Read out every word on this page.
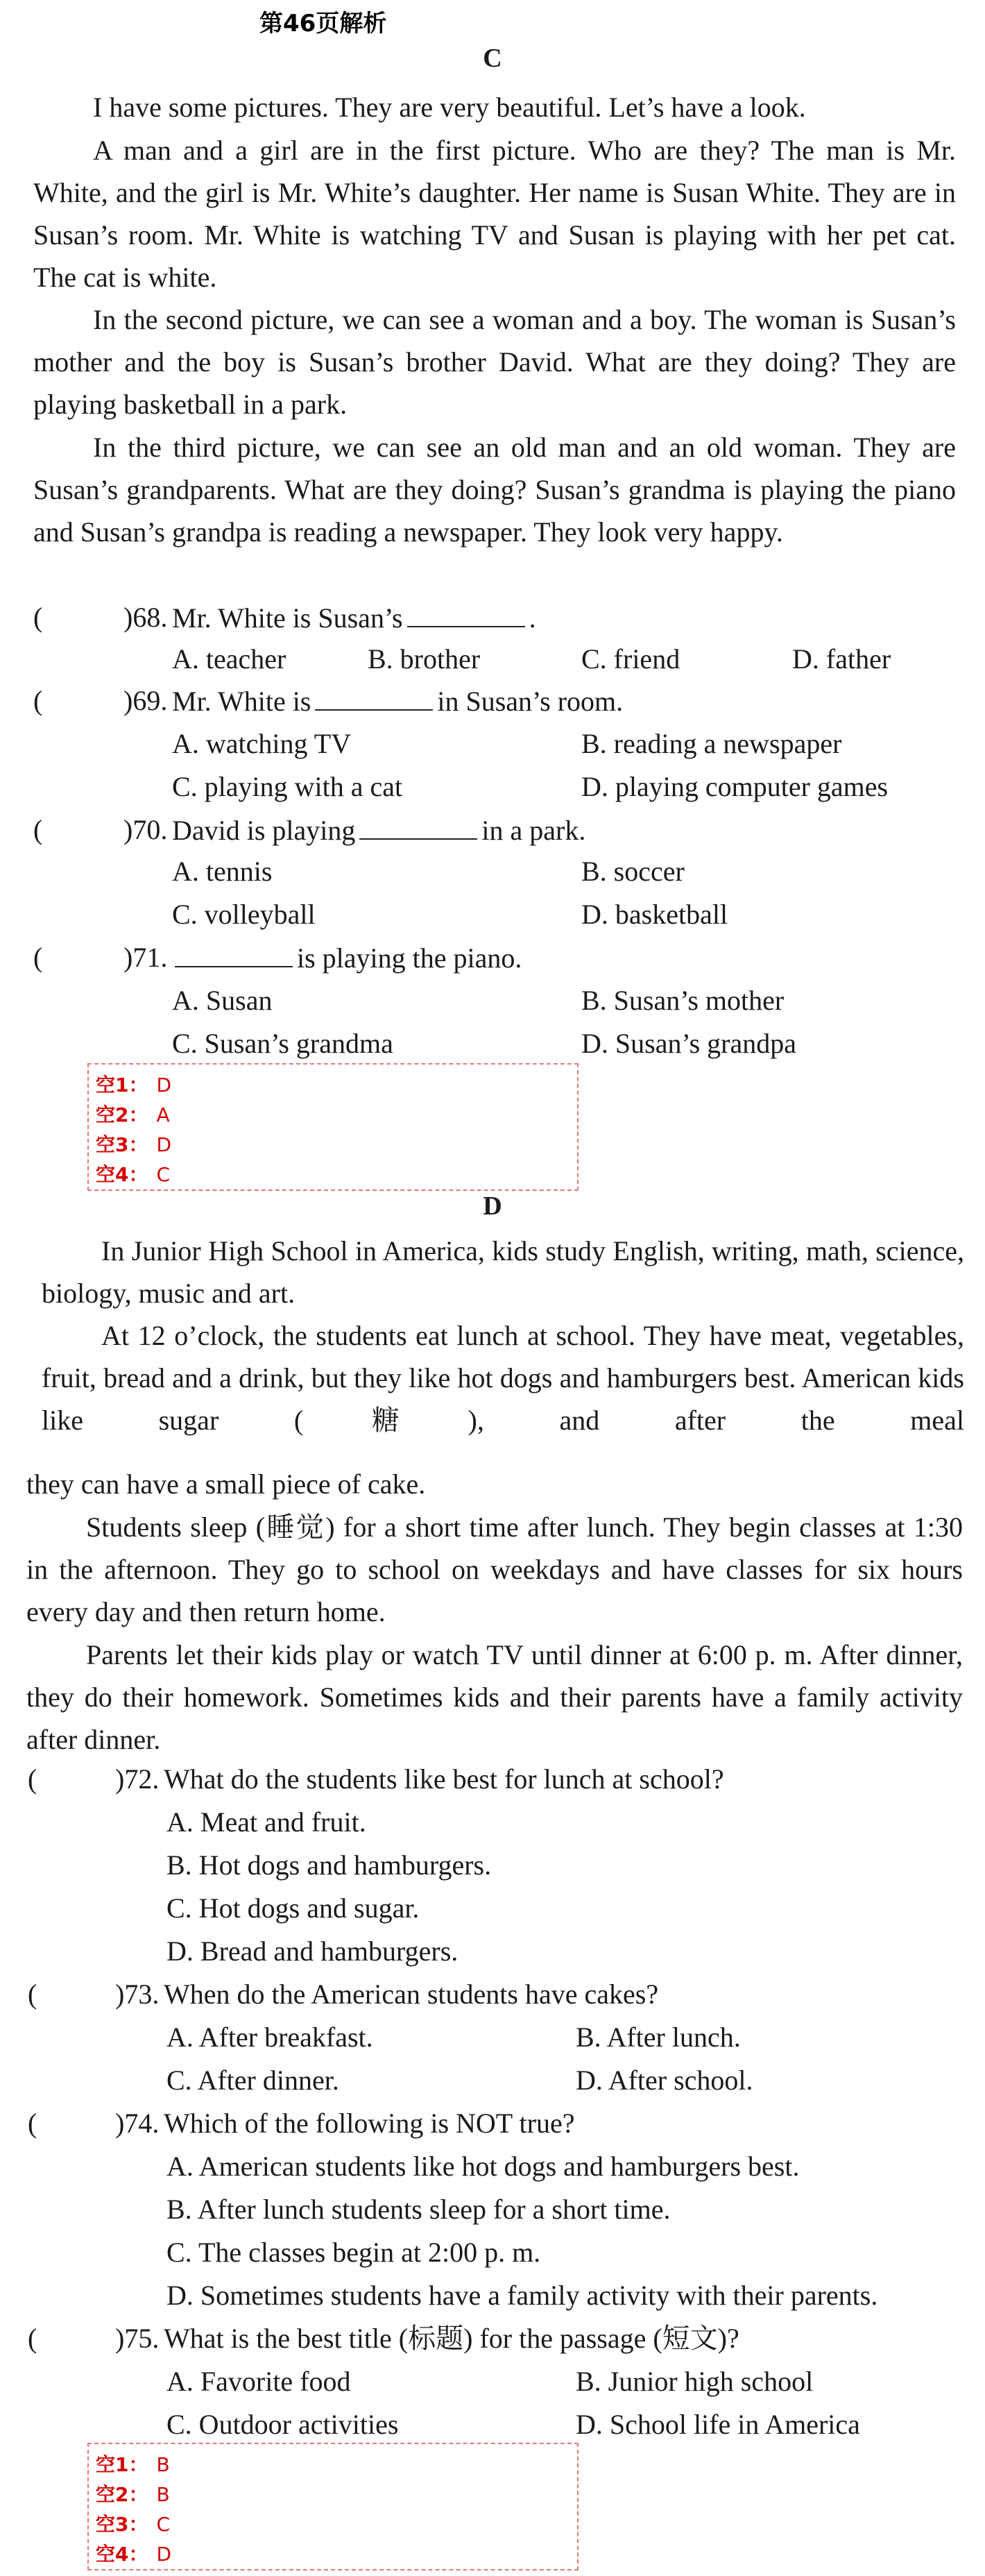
第46页解析
C

I have some pictures. They are very beautiful. Let’s have a look.

A man and a girl are in the first picture. Who are they? The man is Mr. White, and the girl is Mr. White’s daughter. Her name is Susan White. They are in Susan’s room. Mr. White is watching TV and Susan is playing with her pet cat. The cat is white.

In the second picture, we can see a woman and a boy. The woman is Susan’s mother and the boy is Susan’s brother David. What are they doing? They are playing basketball in a park.

In the third picture, we can see an old man and an old woman. They are Susan’s grandparents. What are they doing? Susan’s grandma is playing the piano and Susan’s grandpa is reading a newspaper. They look very happy.

(	)68. Mr. White is Susan’s	.
A. teacher	B. brother	C. friend	D. father
(	)69. Mr. White is	in Susan’s room.
A. watching TV	B. reading a newspaper
C. playing with a cat	D. playing computer games
(	)70. David is playing	in a park.
A. tennis	B. soccer
C. volleyball	D. basketball
(	)71.	is playing the piano.
A. Susan	B. Susan’s mother
C. Susan’s grandma	D. Susan’s grandpa
空1： D
空2： A
空3： D
空4： C
D

In Junior High School in America, kids study English, writing, math, science, biology, music and art.

At 12 o’clock, the students eat lunch at school. They have meat, vegetables, fruit, bread and a drink, but they like hot dogs and hamburgers best. American kids like sugar (糖), and after the meal

they can have a small piece of cake.

Students sleep (睡觉) for a short time after lunch. They begin classes at 1:30 in the afternoon. They go to school on weekdays and have classes for six hours every day and then return home.

Parents let their kids play or watch TV until dinner at 6:00 p. m. After dinner, they do their homework. Sometimes kids and their parents have a family activity after dinner.

(	)72. What do the students like best for lunch at school?
A. Meat and fruit.
B. Hot dogs and hamburgers.
C. Hot dogs and sugar.
D. Bread and hamburgers.
(	)73. When do the American students have cakes?
A. After breakfast.	B. After lunch.
C. After dinner.	D. After school.
(	)74. Which of the following is NOT true?
A. American students like hot dogs and hamburgers best.
B. After lunch students sleep for a short time.
C. The classes begin at 2:00 p. m.
D. Sometimes students have a family activity with their parents.
(	)75. What is the best title (标题) for the passage (短文)?
A. Favorite food	B. Junior high school
C. Outdoor activities	D. School life in America
空1： B
空2： B
空3： C
空4： D
